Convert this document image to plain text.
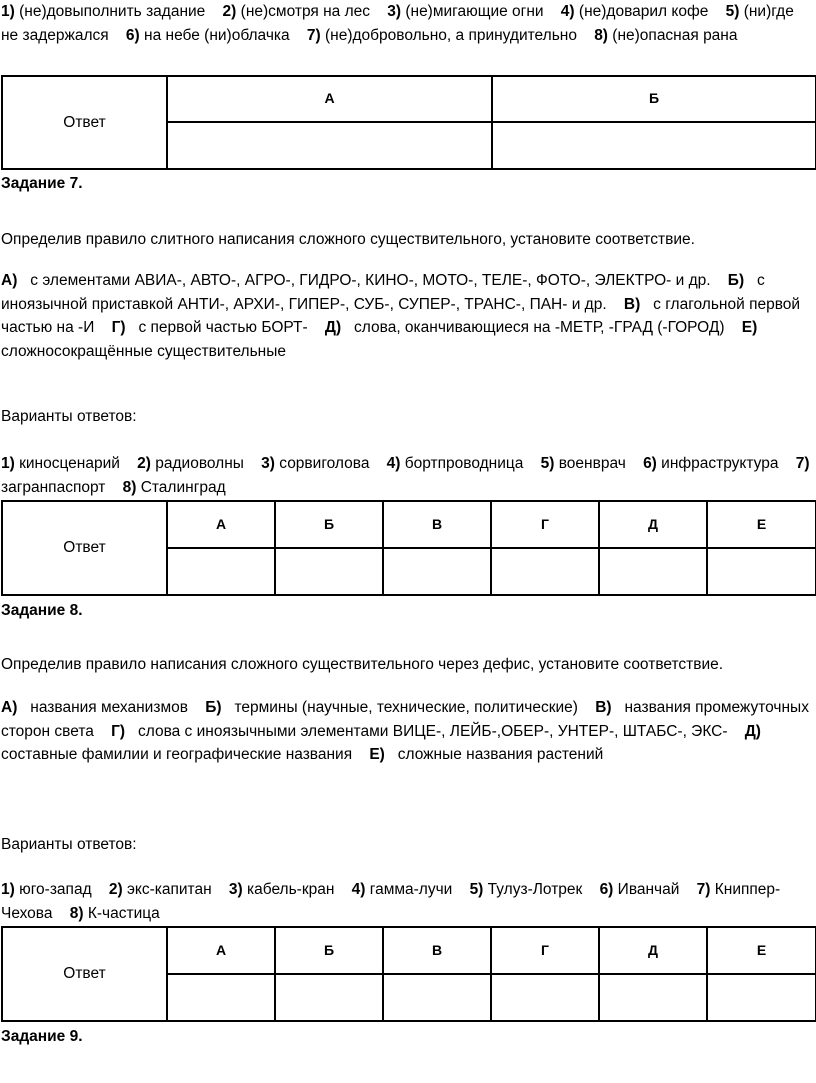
1) (не)довыполнить задание 2) (не)смотря на лес 3) (не)мигающие огни 4) (не)доварил кофе 5) (ни)где не задержался 6) на небе (ни)облачка 7) (не)добровольно, а принудительно 8) (не)опасная рана
Ответ	А	Б

Задание 7.
Определив правило слитного написания сложного существительного, установите соответствие.
А) с элементами АВИА-, АВТО-, АГРО-, ГИДРО-, КИНО-, МОТО-, ТЕЛЕ-, ФОТО-, ЭЛЕКТРО- и др. Б) с иноязычной приставкой АНТИ-, АРХИ-, ГИПЕР-, СУБ-, СУПЕР-, ТРАНС-, ПАН- и др. В) с глагольной первой частью на -И Г) с первой частью БОРТ- Д) слова, оканчивающиеся на -МЕТР, -ГРАД (-ГОРОД) Е)   сложносокращённые существительные
Варианты ответов:
1) киносценарий 2) радиоволны 3) сорвиголова 4) бортпроводница 5) военврач 6) инфраструктура 7) загранпаспорт 8) Сталинград
Ответ	А	Б	В	Г	Д	Е

Задание 8.
Определив правило написания сложного существительного через дефис, установите соответствие.
А) названия механизмов Б) термины (научные, технические, политические) В) названия промежуточных сторон света Г) слова с иноязычными элементами ВИЦЕ-, ЛЕЙБ-,ОБЕР-, УНТЕР-, ШТАБС-, ЭКС- Д)   составные фамилии и географические названия Е) сложные названия растений
Варианты ответов:
1) юго-запад 2) экс-капитан 3) кабель-кран 4) гамма-лучи 5) Тулуз-Лотрек 6) Иванчай 7) Книппер-Чехова 8) К-частица
Ответ	А	Б	В	Г	Д	Е

Задание 9.
